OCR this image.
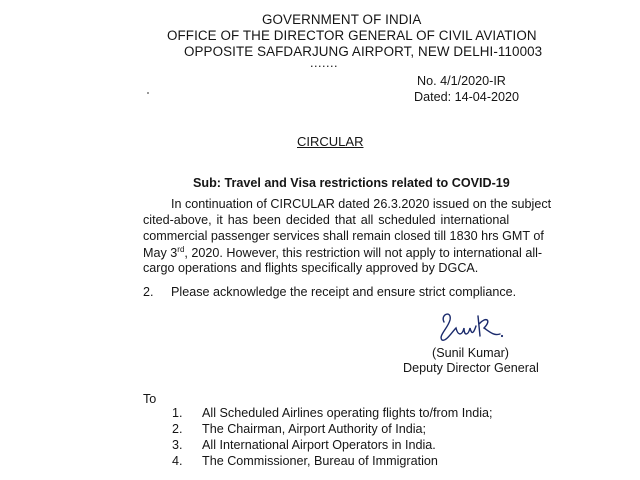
GOVERNMENT OF INDIA
OFFICE OF THE DIRECTOR GENERAL OF CIVIL AVIATION
OPPOSITE SAFDARJUNG AIRPORT, NEW DELHI-110003
.......
No. 4/1/2020-IR
Dated: 14-04-2020
CIRCULAR
Sub: Travel and Visa restrictions related to COVID-19
In continuation of CIRCULAR dated 26.3.2020 issued on the subject
cited-above, it has been decided that all scheduled international
commercial passenger services shall remain closed till 1830 hrs GMT of
May 3rd, 2020. However, this restriction will not apply to international all-
cargo operations and flights specifically approved by DGCA.
2. Please acknowledge the receipt and ensure strict compliance.
(Sunil Kumar)
Deputy Director General
To
1. All Scheduled Airlines operating flights to/from India;
2. The Chairman, Airport Authority of India;
3. All International Airport Operators in India.
4. The Commissioner, Bureau of Immigration
